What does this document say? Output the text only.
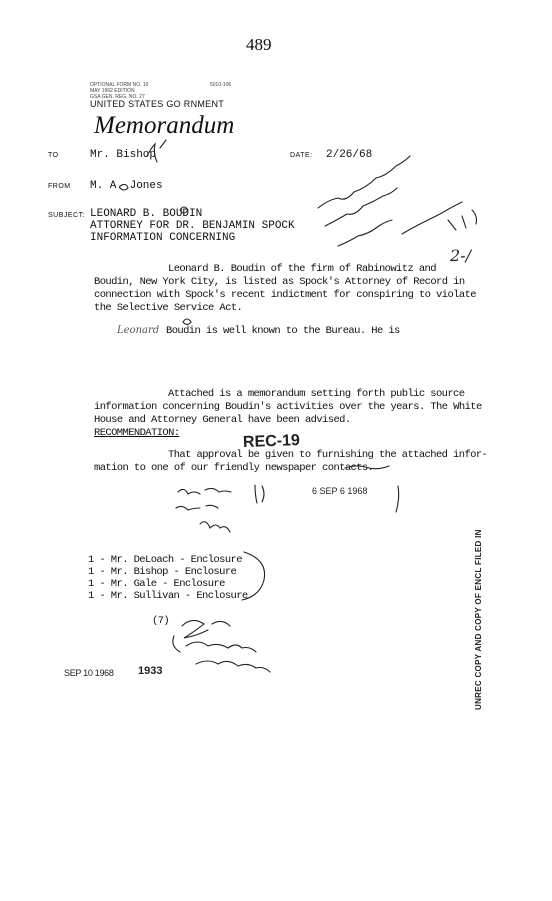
489
OPTIONAL FORM NO. 10
MAY 1962 EDITION
GSA GEN. REG. NO. 27
5010-106
UNITED STATES GO RNMENT
Memorandum
TO	Mr. Bishop	DATE: 2/26/68
FROM M. A. Jones
SUBJECT: LEONARD B. BOUDIN
ATTORNEY FOR DR. BENJAMIN SPOCK
INFORMATION CONCERNING
Leonard B. Boudin of the firm of Rabinowitz and
Boudin, New York City, is listed as Spock's Attorney of Record in
connection with Spock's recent indictment for conspiring to violate
the Selective Service Act.
Leonard Boudin is well known to the Bureau. He is
Attached is a memorandum setting forth public source
information concerning Boudin's activities over the years. The White
House and Attorney General have been advised.
RECOMMENDATION:	REC-19
That approval be given to furnishing the attached infor-
mation to one of our friendly newspaper contacts.
6 SEP 6 1968
1 - Mr. DeLoach - Enclosure
1 - Mr. Bishop - Enclosure
1 - Mr. Gale - Enclosure
1 - Mr. Sullivan - Enclosure
(7)
SEP 10 1968 1933
2-/
UNREC COPY AND COPY OF ENCL FILED IN
